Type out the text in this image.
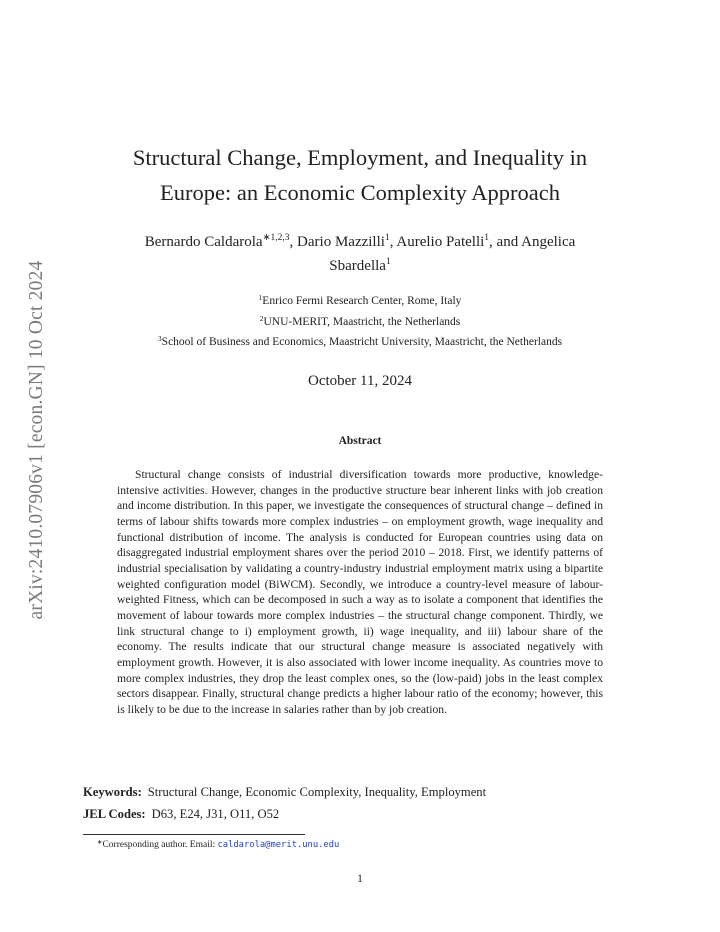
arXiv:2410.07906v1 [econ.GN] 10 Oct 2024
Structural Change, Employment, and Inequality in
Europe: an Economic Complexity Approach
Bernardo Caldarola$^{∗1,2,3}$, Dario Mazzilli$^1$, Aurelio Patelli$^1$, and Angelica
Sbardella$^1$
$^1$Enrico Fermi Research Center, Rome, Italy
$^2$UNU-MERIT, Maastricht, the Netherlands
$^3$School of Business and Economics, Maastricht University, Maastricht, the Netherlands
October 11, 2024
Abstract
Structural change consists of industrial diversification towards more productive, knowledge-intensive activities. However, changes in the productive structure bear inherent links with job creation and income distribution. In this paper, we investigate the consequences of structural change – defined in terms of labour shifts towards more complex industries – on employment growth, wage inequality and functional distribution of income. The analysis is conducted for European countries using data on disaggregated industrial employment shares over the period 2010 – 2018. First, we identify patterns of industrial specialisation by validating a country-industry industrial employment matrix using a bipartite weighted configuration model (BiWCM). Secondly, we introduce a country-level measure of labour-weighted Fitness, which can be decomposed in such a way as to isolate a component that identifies the movement of labour towards more complex industries – the structural change component. Thirdly, we link structural change to i) employment growth, ii) wage inequality, and iii) labour share of the economy. The results indicate that our structural change measure is associated negatively with employment growth. However, it is also associated with lower income inequality. As countries move to more complex industries, they drop the least complex ones, so the (low-paid) jobs in the least complex sectors disappear. Finally, structural change predicts a higher labour ratio of the economy; however, this is likely to be due to the increase in salaries rather than by job creation.
Keywords: Structural Change, Economic Complexity, Inequality, Employment
JEL Codes: D63, E24, J31, O11, O52
∗Corresponding author. Email: caldarola@merit.unu.edu
1
